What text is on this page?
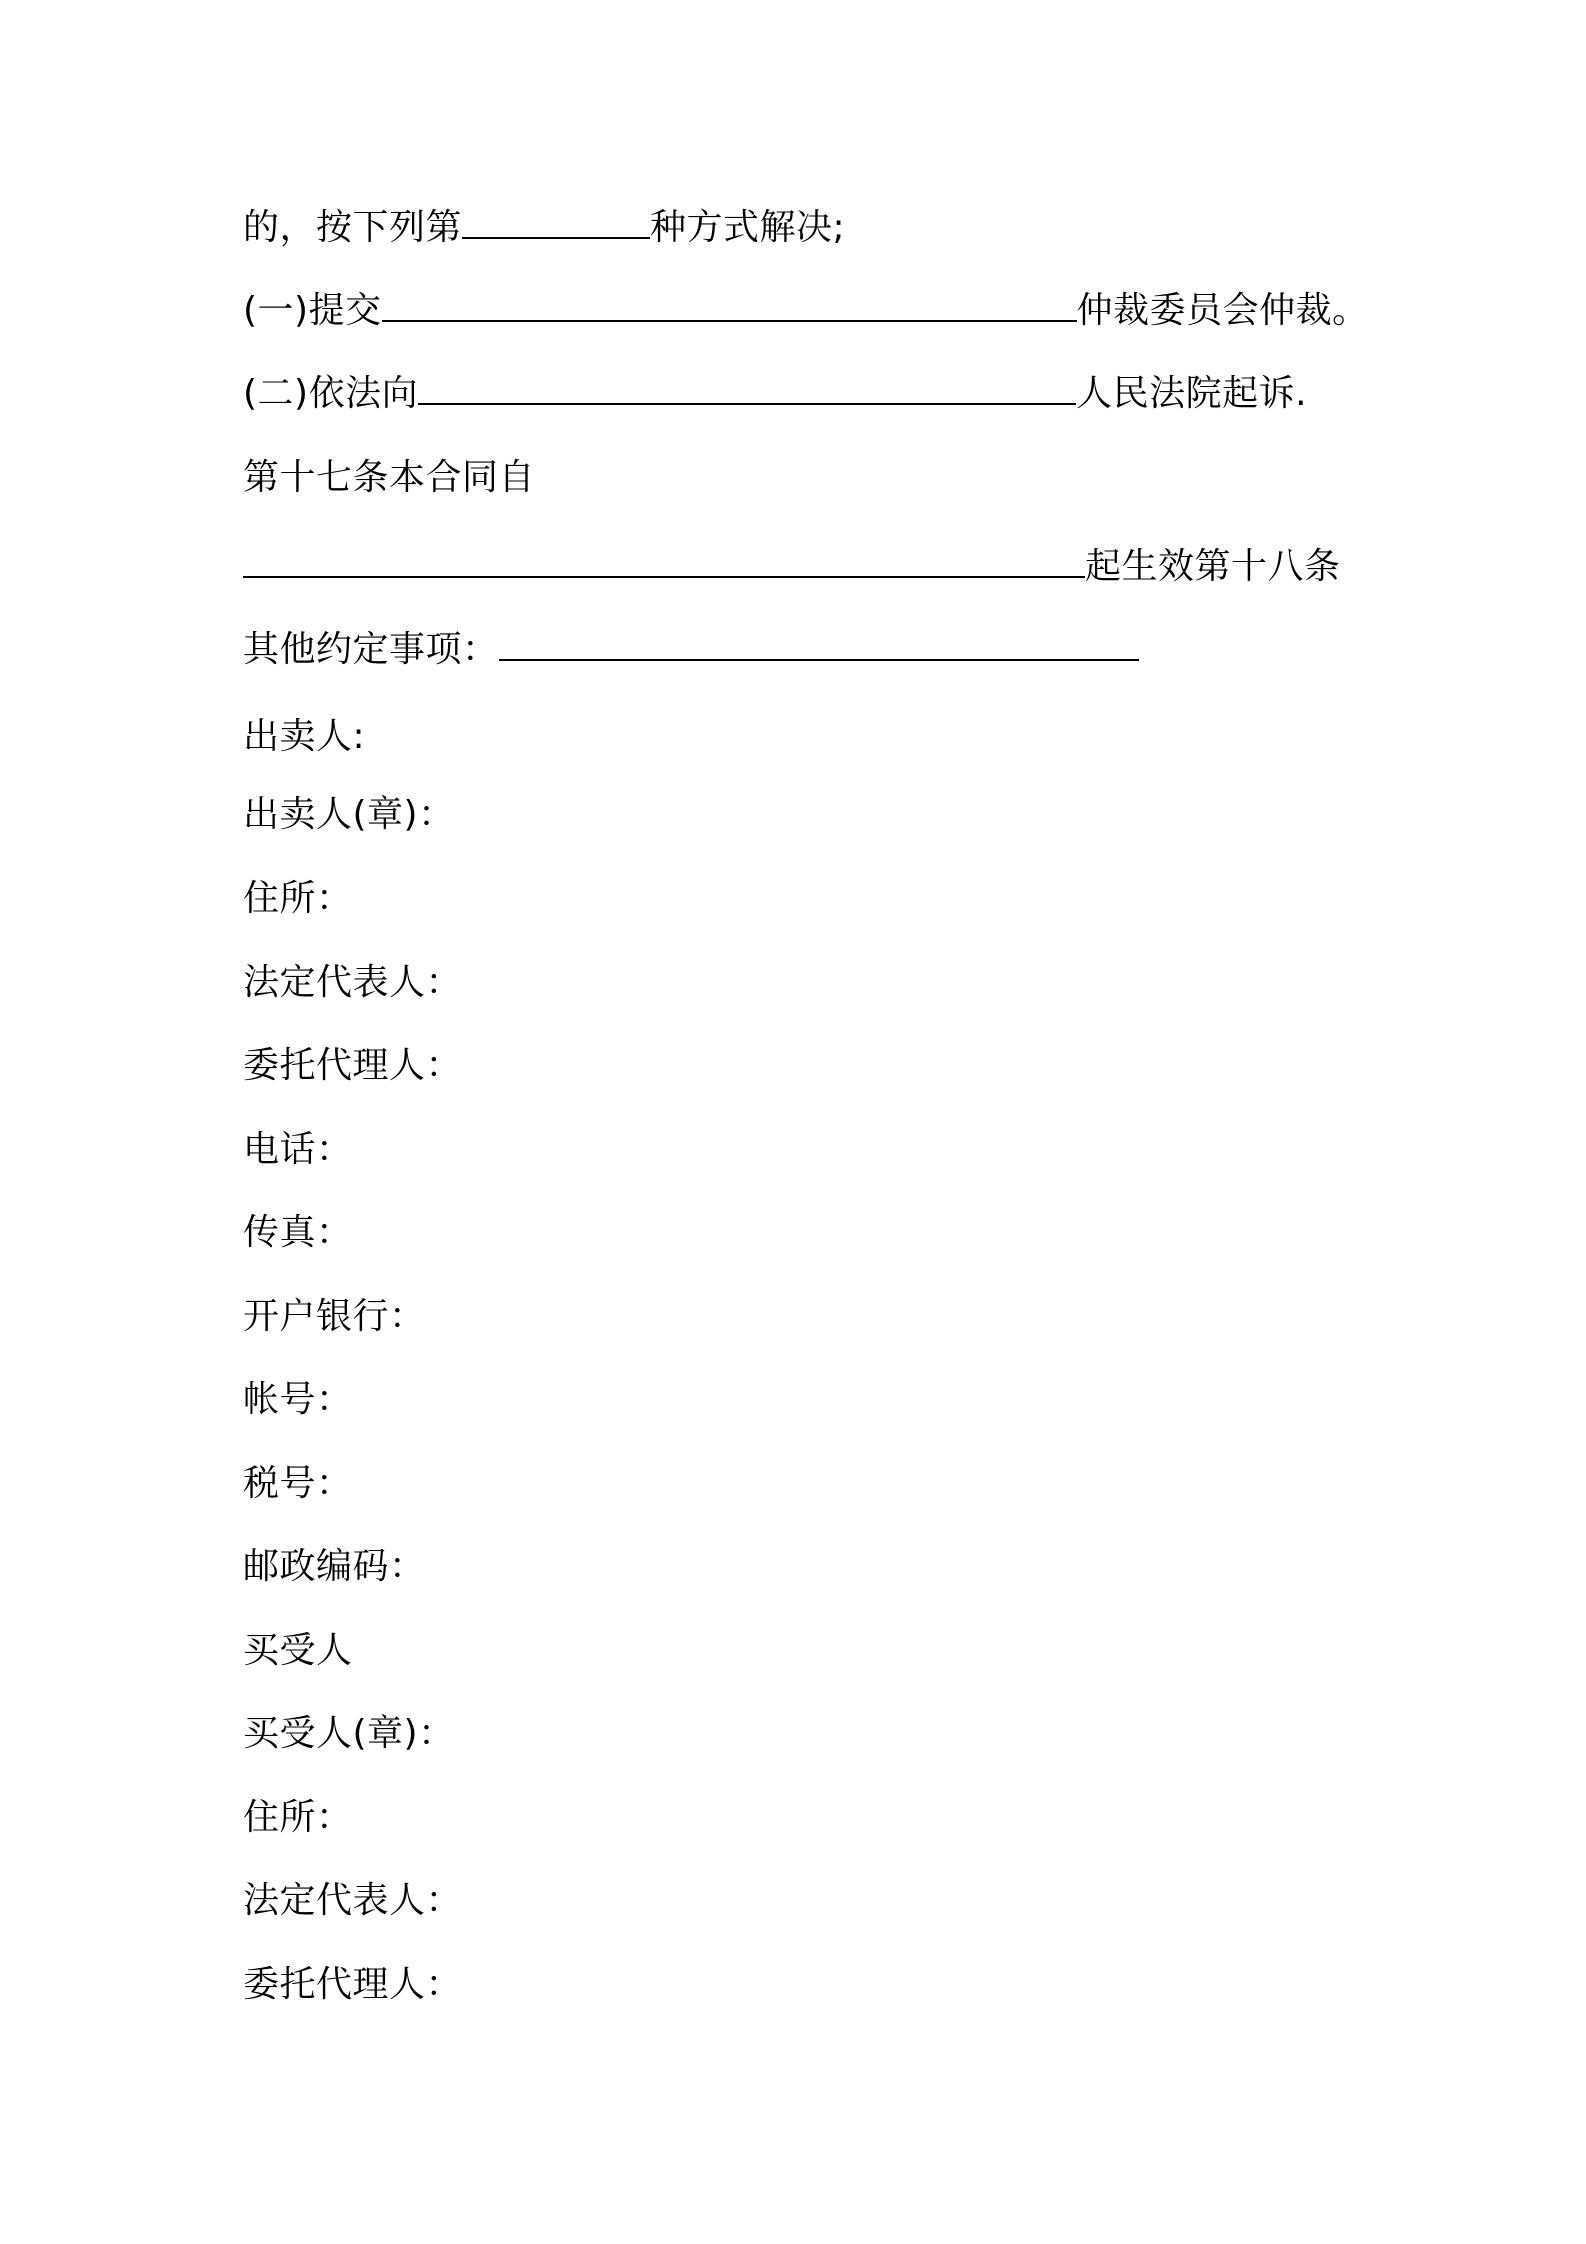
的，按下列第	种方式解决;
(一)提交	仲裁委员会仲裁。
(二)依法向	人民法院起诉.
第十七条本合同自
起生效第十八条
其他约定事项：
出卖人:
出卖人(章)：
住所：
法定代表人：
委托代理人：
电话：
传真：
开户银行：
帐号：
税号：
邮政编码：
买受人
买受人(章)：
住所：
法定代表人：
委托代理人：
